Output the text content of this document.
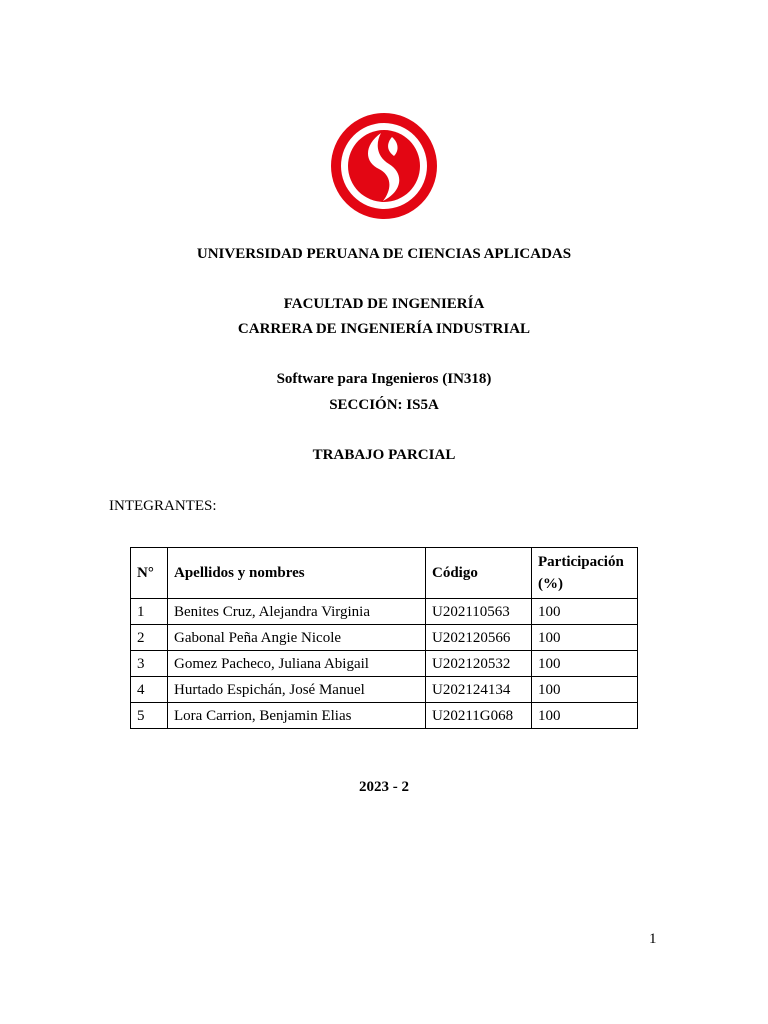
UNIVERSIDAD PERUANA DE CIENCIAS APLICADAS
FACULTAD DE INGENIERÍA
CARRERA DE INGENIERÍA INDUSTRIAL
Software para Ingenieros (IN318)
SECCIÓN: IS5A
TRABAJO PARCIAL
INTEGRANTES:
N°	Apellidos y nombres	Código	Participación (%)
1	Benites Cruz, Alejandra Virginia	U202110563	100
2	Gabonal Peña Angie Nicole	U202120566	100
3	Gomez Pacheco, Juliana Abigail	U202120532	100
4	Hurtado Espichán, José Manuel	U202124134	100
5	Lora Carrion, Benjamin Elias	U20211G068	100
2023 - 2
1
